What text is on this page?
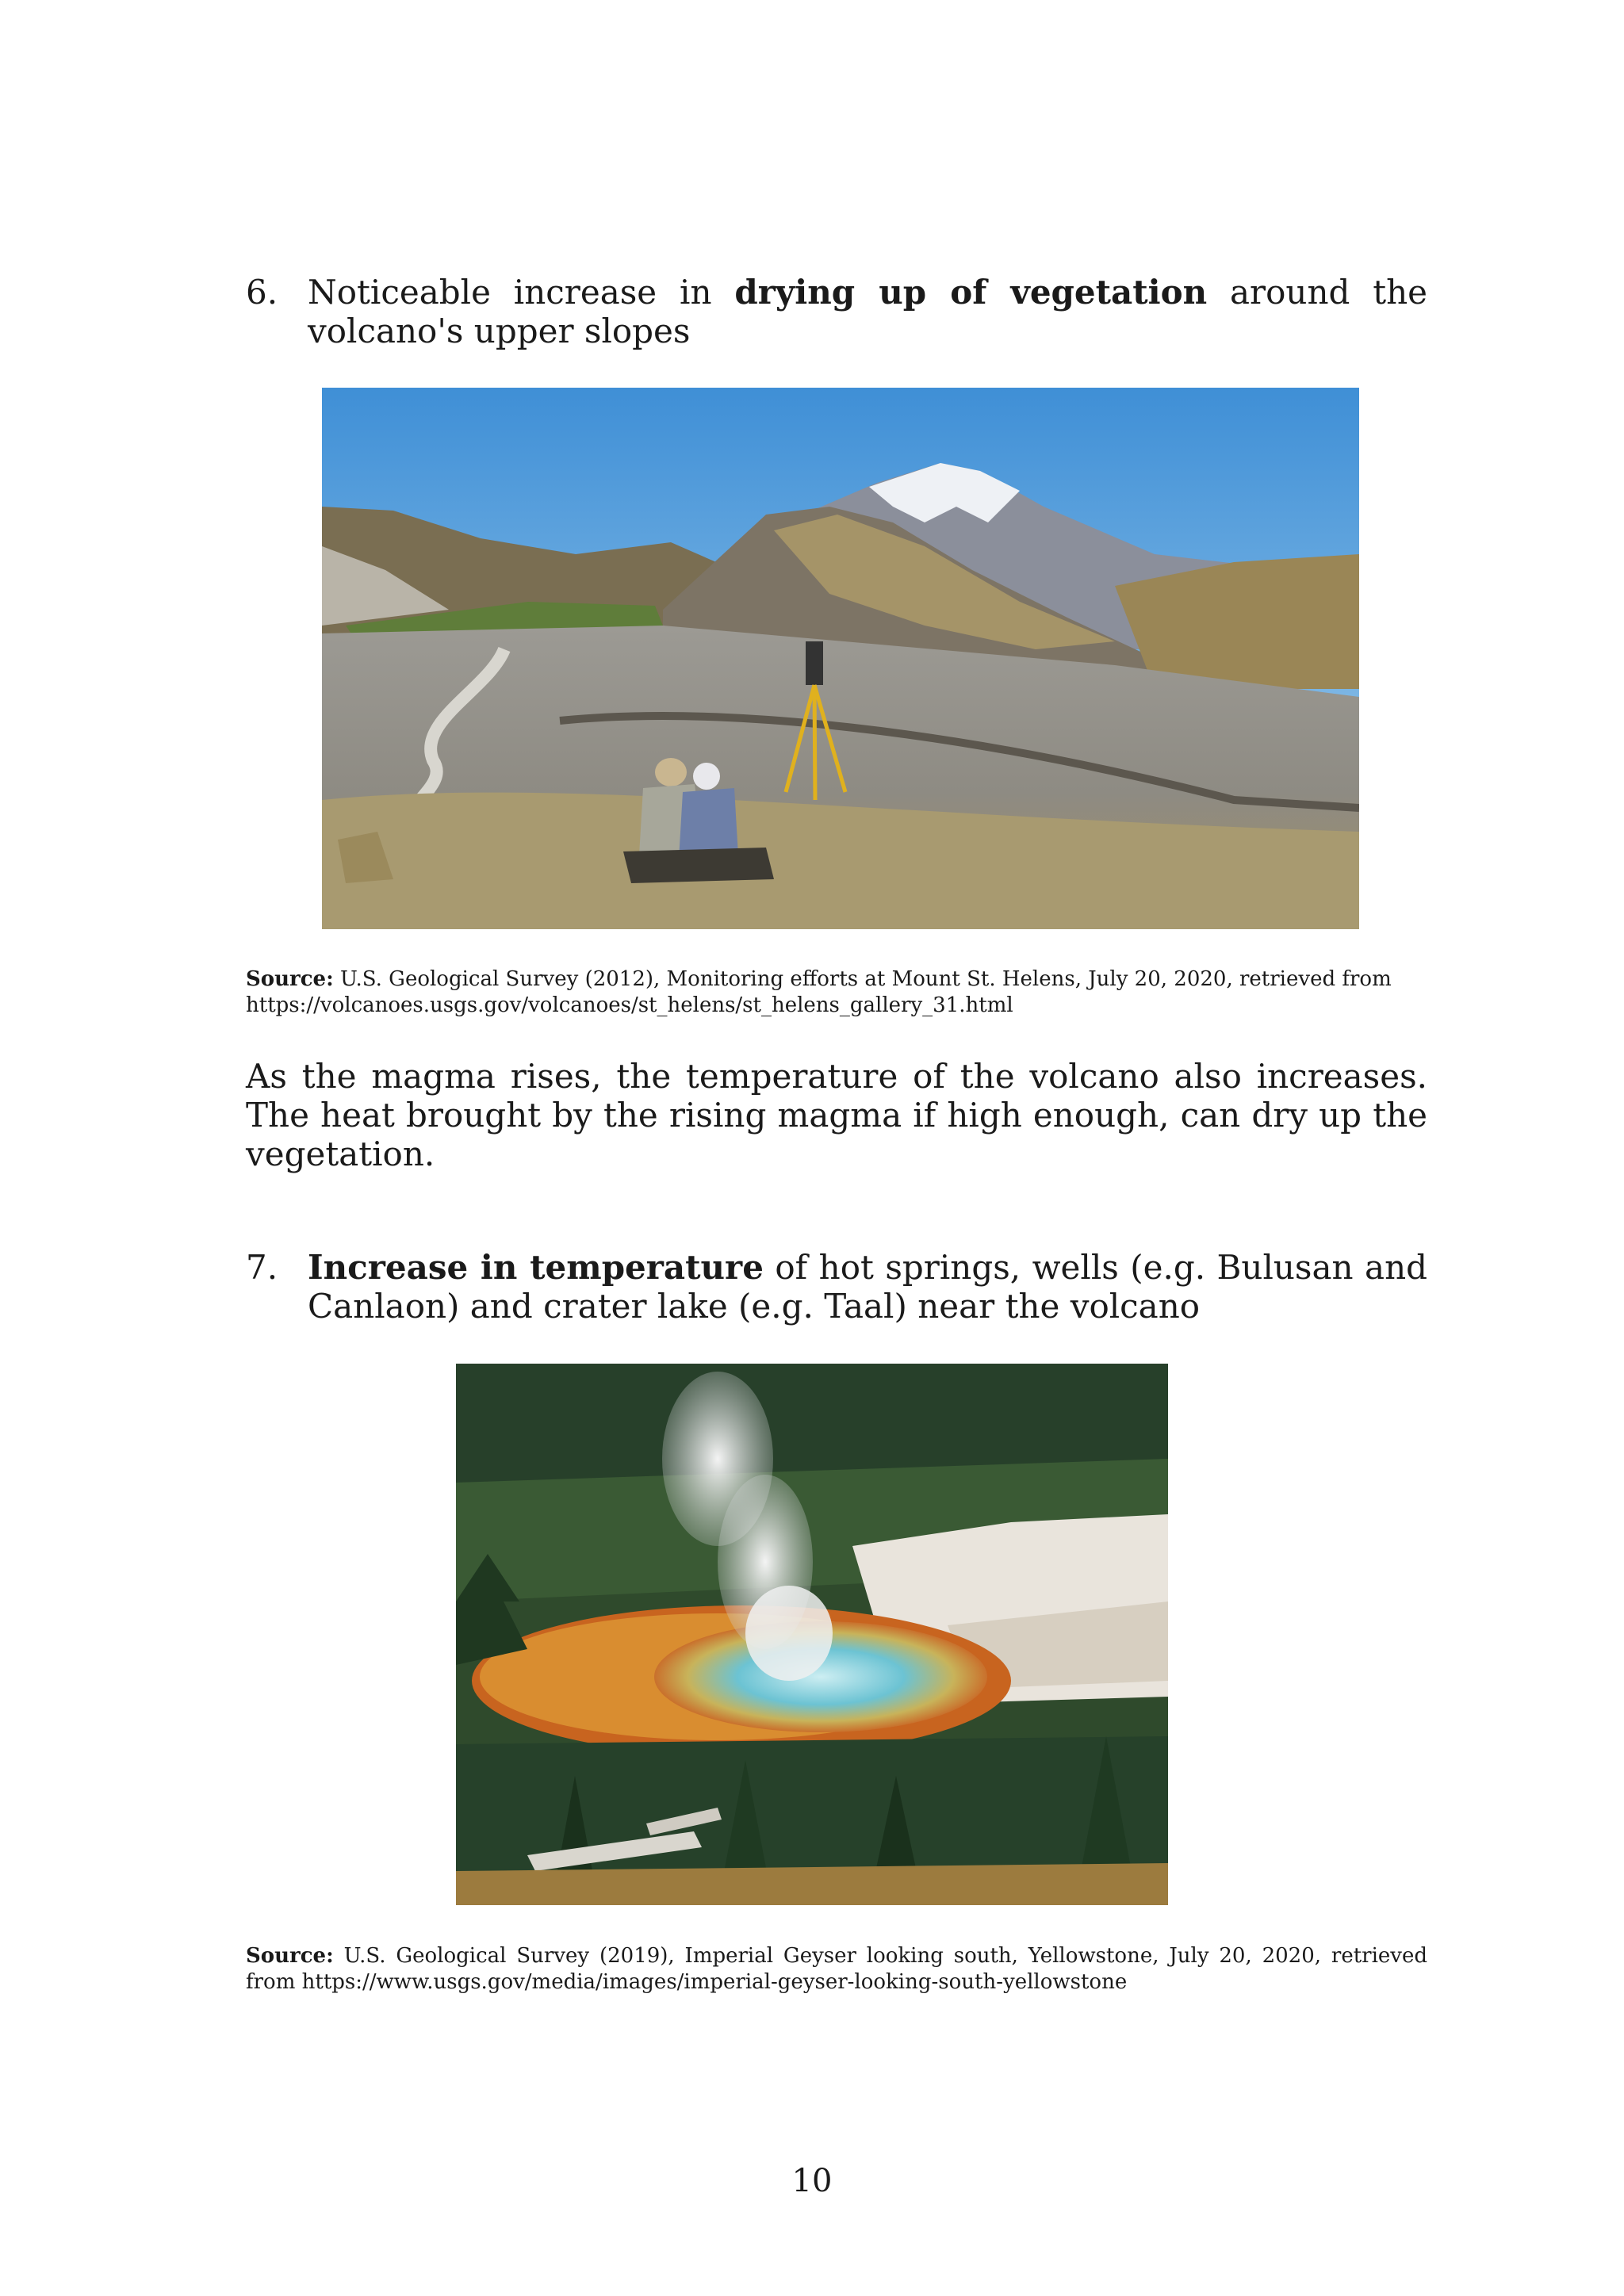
6. Noticeable increase in drying up of vegetation around the volcano's upper slopes
Source: U.S. Geological Survey (2012), Monitoring efforts at Mount St. Helens, July 20, 2020, retrieved from
https://volcanoes.usgs.gov/volcanoes/st_helens/st_helens_gallery_31.html
As the magma rises, the temperature of the volcano also increases. The heat brought by the rising magma if high enough, can dry up the vegetation.
7. Increase in temperature of hot springs, wells (e.g. Bulusan and Canlaon) and crater lake (e.g. Taal) near the volcano
Source: U.S. Geological Survey (2019), Imperial Geyser looking south, Yellowstone, July 20, 2020, retrieved from https://www.usgs.gov/media/images/imperial-geyser-looking-south-yellowstone
10
